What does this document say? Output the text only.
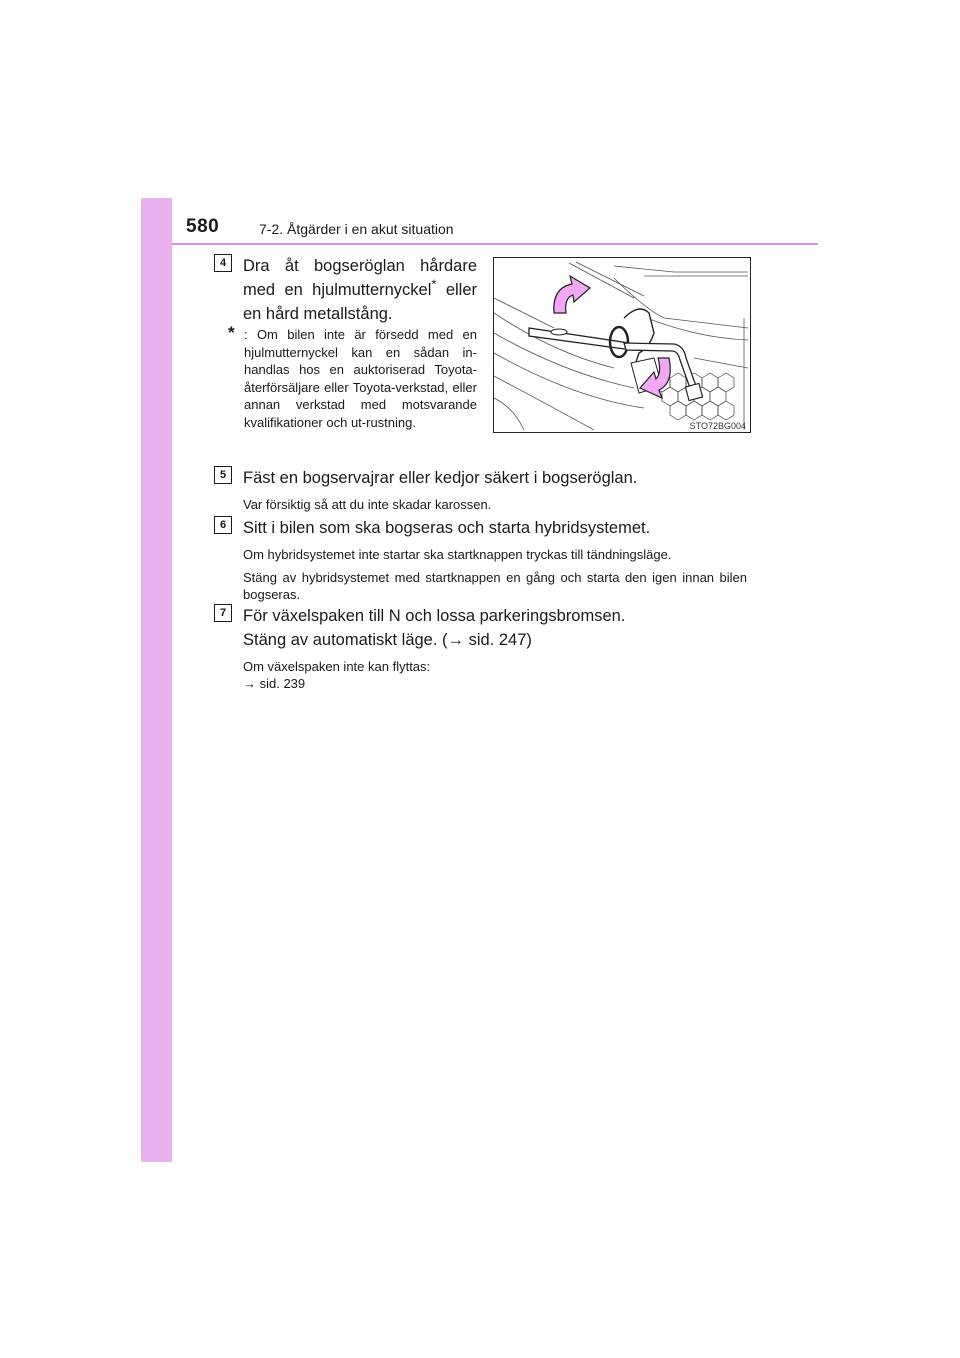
580	7-2. Åtgärder i en akut situation
4	Dra åt bogseröglan hårdare med en hjulmutternyckel* eller en hård metallstång.
* : Om bilen inte är försedd med en hjulmutternyckel kan en sådan in-handlas hos en auktoriserad Toyota-återförsäljare eller Toyota-verkstad, eller annan verkstad med motsvarande kvalifikationer och ut-rustning.	STO72BG004
5	Fäst en bogservajrar eller kedjor säkert i bogseröglan.
Var försiktig så att du inte skadar karossen.
6	Sitt i bilen som ska bogseras och starta hybridsystemet.
Om hybridsystemet inte startar ska startknappen tryckas till tändningsläge.
Stäng av hybridsystemet med startknappen en gång och starta den igen innan bilen bogseras.
7	För växelspaken till N och lossa parkeringsbromsen.
Stäng av automatiskt läge. (→ sid. 247)
Om växelspaken inte kan flyttas:
→ sid. 239
